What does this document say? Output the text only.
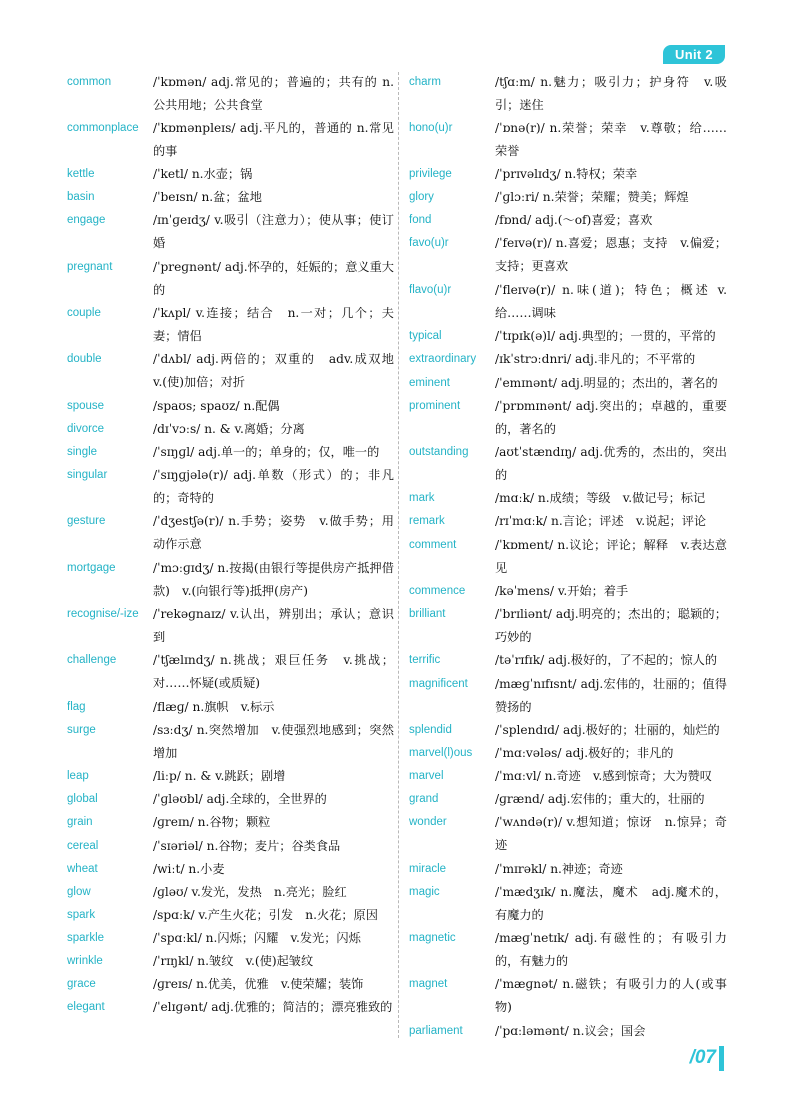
Unit 2
common	/ˈkɒmən/ adj.常见的；普遍的；共有的 n.公共用地；公共食堂
commonplace /ˈkɒmənpleɪs/ adj.平凡的，普通的 n.常见的事
kettle	/ˈketl/ n.水壶；锅
basin	/ˈbeɪsn/ n.盆；盆地
engage	/ɪnˈɡeɪdʒ/ v.吸引（注意力）；使从事；使订婚
pregnant	/ˈpreɡnənt/ adj.怀孕的，妊娠的；意义重大的
couple	/ˈkʌpl/ v.连接；结合　n.一对；几个；夫妻；情侣
double	/ˈdʌbl/ adj.两倍的；双重的　adv.成双地　v.(使)加倍；对折
spouse	/spaʊs; spaʊz/ n.配偶
divorce	/dɪˈvɔːs/ n. & v.离婚；分离
single	/ˈsɪŋɡl/ adj.单一的；单身的；仅，唯一的
singular	/ˈsɪŋɡjələ(r)/ adj.单数（形式）的；非凡的；奇特的
gesture	/ˈdʒestʃə(r)/ n.手势；姿势　v.做手势；用动作示意
mortgage	/ˈmɔːɡɪdʒ/ n.按揭(由银行等提供房产抵押借款)　v.(向银行等)抵押(房产)
recognise/-ize /ˈrekəɡnaɪz/ v.认出，辨别出；承认；意识到
challenge	/ˈtʃælɪndʒ/ n.挑战；艰巨任务　v.挑战；对……怀疑(或质疑)
flag	/flæɡ/ n.旗帜　v.标示
surge	/sɜːdʒ/ n.突然增加　v.使强烈地感到；突然增加
leap	/liːp/ n. & v.跳跃；剧增
global	/ˈɡləʊbl/ adj.全球的，全世界的
grain	/ɡreɪn/ n.谷物；颗粒
cereal	/ˈsɪəriəl/ n.谷物；麦片；谷类食品
wheat	/wiːt/ n.小麦
glow	/ɡləʊ/ v.发光，发热　n.亮光；脸红
spark	/spɑːk/ v.产生火花；引发　n.火花；原因
sparkle	/ˈspɑːkl/ n.闪烁；闪耀　v.发光；闪烁
wrinkle	/ˈrɪŋkl/ n.皱纹　v.(使)起皱纹
grace	/ɡreɪs/ n.优美，优雅　v.使荣耀；装饰
elegant	/ˈelɪɡənt/ adj.优雅的；简洁的；漂亮雅致的
charm	/tʃɑːm/ n.魅力；吸引力；护身符　v.吸引；迷住
hono(u)r	/ˈɒnə(r)/ n.荣誉；荣幸　v.尊敬；给……荣誉
privilege	/ˈprɪvəlɪdʒ/ n.特权；荣幸
glory	/ˈɡlɔːri/ n.荣誉；荣耀；赞美；辉煌
fond	/fɒnd/ adj.(～of)喜爱；喜欢
favo(u)r	/ˈfeɪvə(r)/ n.喜爱；恩惠；支持　v.偏爱；支持；更喜欢
flavo(u)r	/ˈfleɪvə(r)/ n.味(道)；特色；概述 v.给……调味
typical	/ˈtɪpɪk(ə)l/ adj.典型的；一贯的，平常的
extraordinary /ɪkˈstrɔːdnri/ adj.非凡的；不平常的
eminent	/ˈemɪnənt/ adj.明显的；杰出的，著名的
prominent	/ˈprɒmɪnənt/ adj.突出的；卓越的，重要的，著名的
outstanding /aʊtˈstændɪŋ/ adj.优秀的，杰出的，突出的
mark	/mɑːk/ n.成绩；等级　v.做记号；标记
remark	/rɪˈmɑːk/ n.言论；评述　v.说起；评论
comment	/ˈkɒment/ n.议论；评论；解释　v.表达意见
commence /kəˈmens/ v.开始；着手
brilliant	/ˈbrɪliənt/ adj.明亮的；杰出的；聪颖的；巧妙的
terrific	/təˈrɪfɪk/ adj.极好的，了不起的；惊人的
magnificent /mæɡˈnɪfɪsnt/ adj.宏伟的，壮丽的；值得赞扬的
splendid	/ˈsplendɪd/ adj.极好的；壮丽的，灿烂的
marvel(l)ous /ˈmɑːvələs/ adj.极好的；非凡的
marvel	/ˈmɑːvl/ n.奇迹　v.感到惊奇；大为赞叹
grand	/ɡrænd/ adj.宏伟的；重大的，壮丽的
wonder	/ˈwʌndə(r)/ v.想知道；惊讶　n.惊异；奇迹
miracle	/ˈmɪrəkl/ n.神迹；奇迹
magic	/ˈmædʒɪk/ n.魔法，魔术　adj.魔术的，有魔力的
magnetic	/mæɡˈnetɪk/ adj.有磁性的；有吸引力的，有魅力的
magnet	/ˈmæɡnət/ n.磁铁；有吸引力的人(或事物)
parliament	/ˈpɑːləmənt/ n.议会；国会
/07
